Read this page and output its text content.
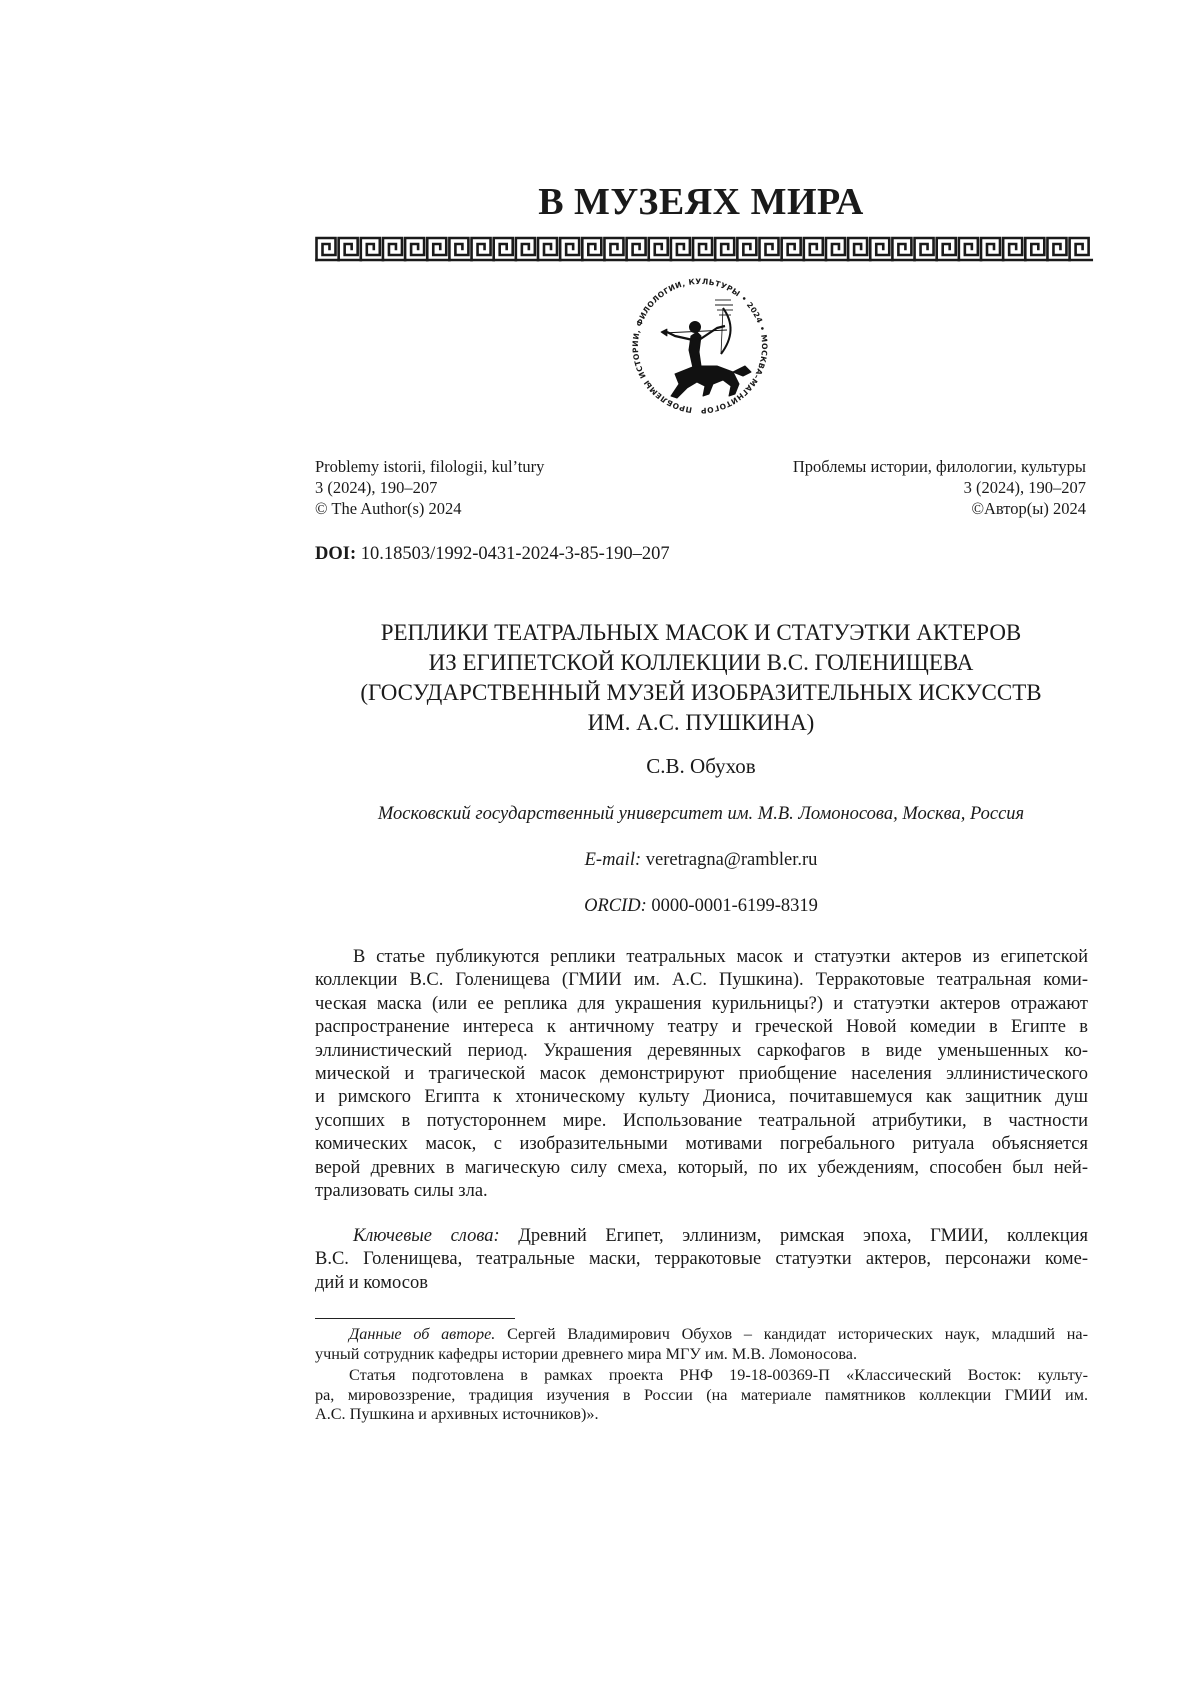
В МУЗЕЯХ МИРА
ПРОБЛЕМЫ ИСТОРИИ, ФИЛОЛОГИИ, КУЛЬТУРЫ • 2024 • МОСКВА–МАГНИТОГОРСК–НОВОСИБИРСК
Problemy istorii, filologii, kul’tury
3 (2024), 190–207
© The Author(s) 2024
Проблемы истории, филологии, культуры
3 (2024), 190–207
©Автор(ы) 2024
DOI: 10.18503/1992-0431-2024-3-85-190–207
РЕПЛИКИ ТЕАТРАЛЬНЫХ МАСОК И СТАТУЭТКИ АКТЕРОВ
ИЗ ЕГИПЕТСКОЙ КОЛЛЕКЦИИ В.С. ГОЛЕНИЩЕВА
(ГОСУДАРСТВЕННЫЙ МУЗЕЙ ИЗОБРАЗИТЕЛЬНЫХ ИСКУССТВ
ИМ. А.С. ПУШКИНА)
С.В. Обухов
Московский государственный университет им. М.В. Ломоносова, Москва, Россия
E-mail: veretragna@rambler.ru
ORCID: 0000-0001-6199-8319
В статье публикуются реплики театральных масок и статуэтки актеров из египетской
коллекции В.С. Голенищева (ГМИИ им. А.С. Пушкина). Терракотовые театральная коми-
ческая маска (или ее реплика для украшения курильницы?) и статуэтки актеров отражают
распространение интереса к античному театру и греческой Новой комедии в Египте в
эллинистический период. Украшения деревянных саркофагов в виде уменьшенных ко-
мической и трагической масок демонстрируют приобщение населения эллинистического
и римского Египта к хтоническому культу Диониса, почитавшемуся как защитник душ
усопших в потустороннем мире. Использование театральной атрибутики, в частности
комических масок, с изобразительными мотивами погребального ритуала объясняется
верой древних в магическую силу смеха, который, по их убеждениям, способен был ней-
трализовать силы зла.
Ключевые слова: Древний Египет, эллинизм, римская эпоха, ГМИИ, коллекция
В.С. Голенищева, театральные маски, терракотовые статуэтки актеров, персонажи коме-
дий и комосов
Данные об авторе. Сергей Владимирович Обухов – кандидат исторических наук, младший на-
учный сотрудник кафедры истории древнего мира МГУ им. М.В. Ломоносова.
Статья подготовлена в рамках проекта РНФ 19-18-00369-П «Классический Восток: культу-
ра, мировоззрение, традиция изучения в России (на материале памятников коллекции ГМИИ им.
А.С. Пушкина и архивных источников)».
